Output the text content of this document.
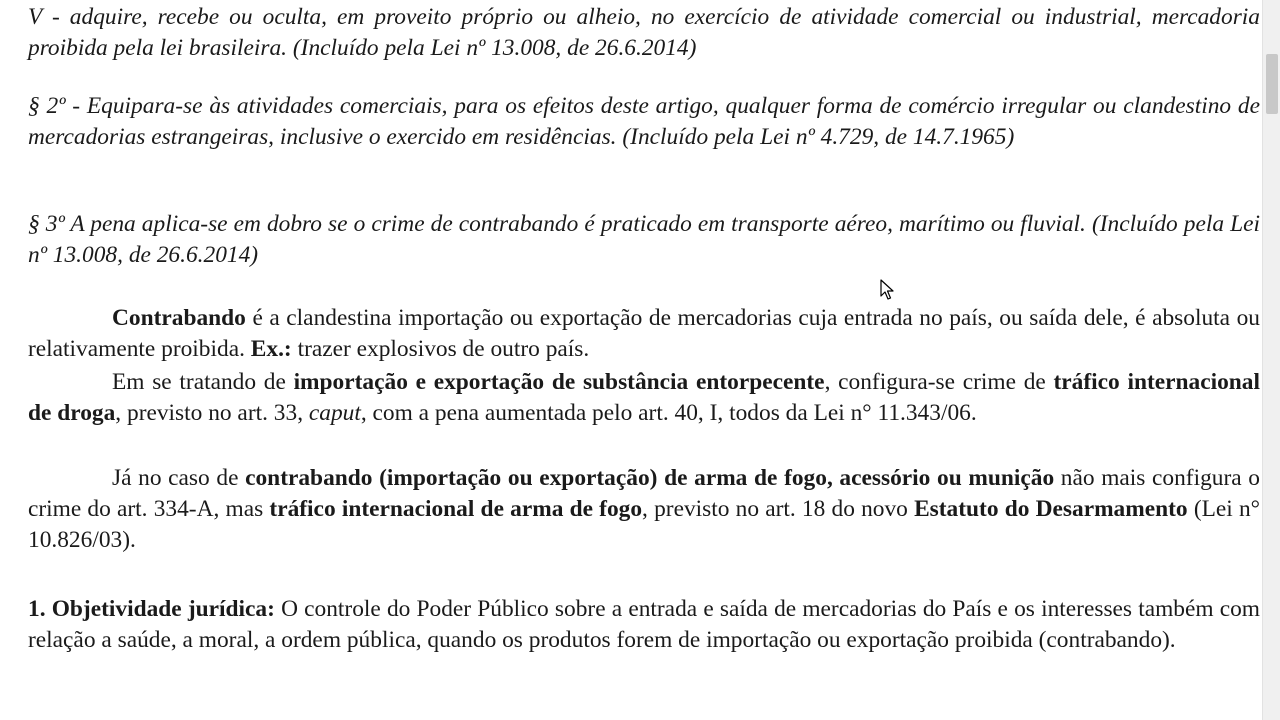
V - adquire, recebe ou oculta, em proveito próprio ou alheio, no exercício de atividade comercial ou industrial, mercadoria proibida pela lei brasileira. (Incluído pela Lei nº 13.008, de 26.6.2014)

§ 2º - Equipara-se às atividades comerciais, para os efeitos deste artigo, qualquer forma de comércio irregular ou clandestino de mercadorias estrangeiras, inclusive o exercido em residências. (Incluído pela Lei nº 4.729, de 14.7.1965)

§ 3º A pena aplica-se em dobro se o crime de contrabando é praticado em transporte aéreo, marítimo ou fluvial. (Incluído pela Lei nº 13.008, de 26.6.2014)

Contrabando é a clandestina importação ou exportação de mercadorias cuja entrada no país, ou saída dele, é absoluta ou relativamente proibida. Ex.: trazer explosivos de outro país.

Em se tratando de importação e exportação de substância entorpecente, configura-se crime de tráfico internacional de droga, previsto no art. 33, caput, com a pena aumentada pelo art. 40, I, todos da Lei n° 11.343/06.

Já no caso de contrabando (importação ou exportação) de arma de fogo, acessório ou munição não mais configura o crime do art. 334-A, mas tráfico internacional de arma de fogo, previsto no art. 18 do novo Estatuto do Desarmamento (Lei n° 10.826/03).

1. Objetividade jurídica: O controle do Poder Público sobre a entrada e saída de mercadorias do País e os interesses também com relação a saúde, a moral, a ordem pública, quando os produtos forem de importação ou exportação proibida (contrabando).
